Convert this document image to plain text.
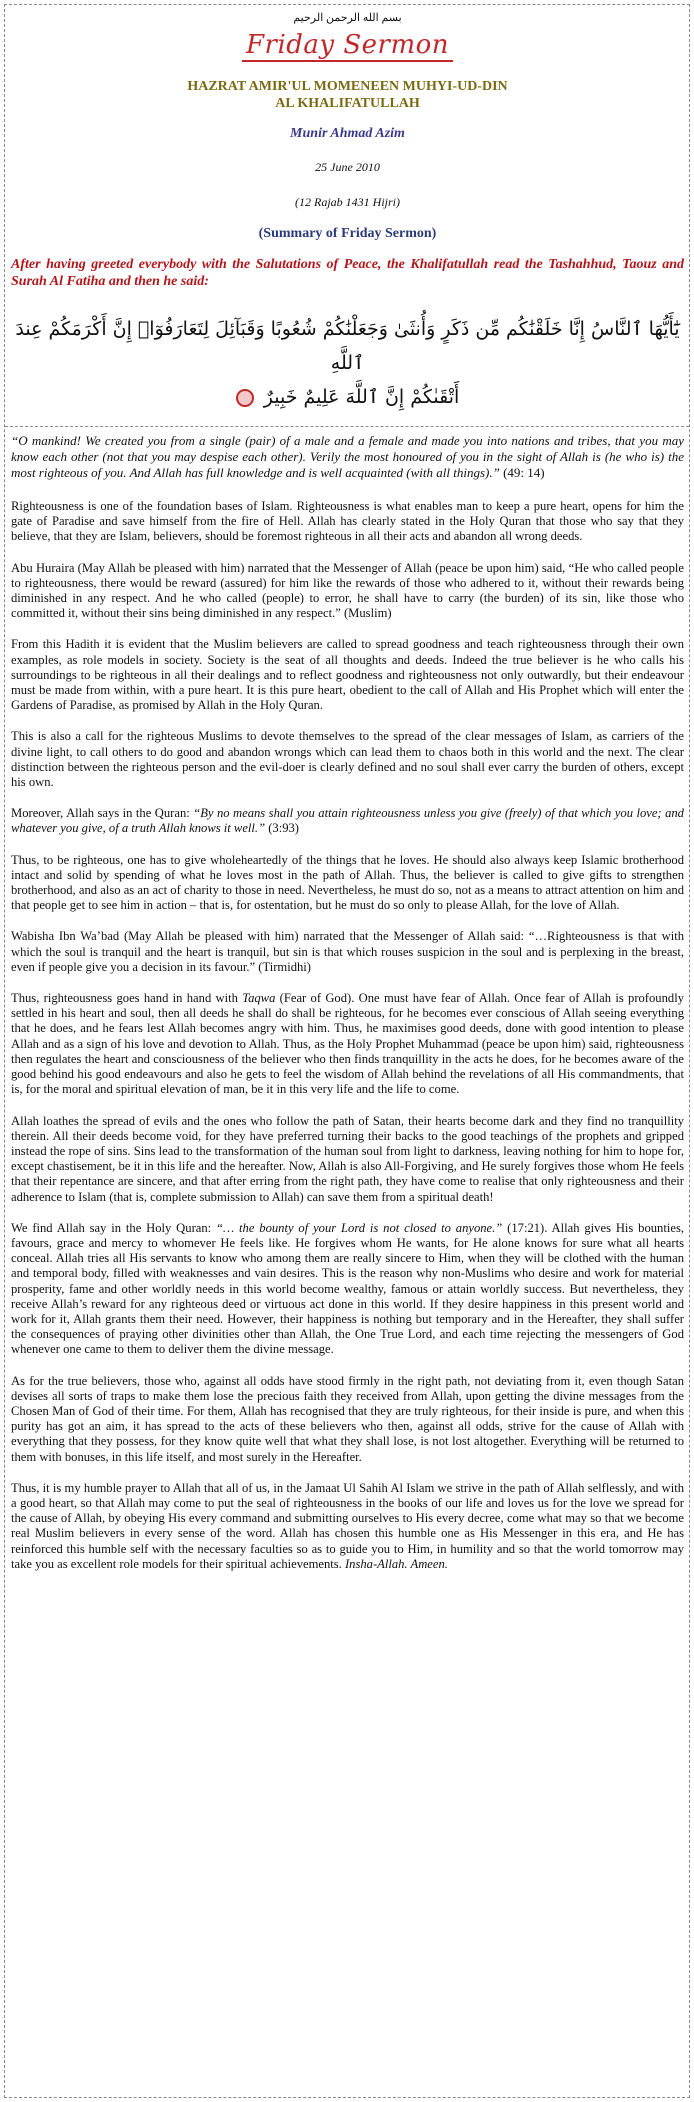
بسم الله الرحمن الرحيم
Friday Sermon
HAZRAT AMIR'UL MOMENEEN MUHYI-UD-DIN
AL KHALIFATULLAH
Munir Ahmad Azim
25 June 2010
(12 Rajab 1431 Hijri)
(Summary of Friday Sermon)
After having greeted everybody with the Salutations of Peace, the Khalifatullah read the Tashahhud, Taouz and Surah Al Fatiha and then he said:
يَٰٓأَيُّهَا ٱلنَّاسُ إِنَّا خَلَقْنَٰكُم مِّن ذَكَرٍ وَأُنثَىٰ وَجَعَلْنَٰكُمْ شُعُوبًا وَقَبَآئِلَ لِتَعَارَفُوٓا۟ إِنَّ أَكْرَمَكُمْ عِندَ ٱللَّهِ
أَتْقَىٰكُمْ إِنَّ ٱللَّهَ عَلِيمٌ خَبِيرٌ
“O mankind! We created you from a single (pair) of a male and a female and made you into nations and tribes, that you may know each other (not that you may despise each other). Verily the most honoured of you in the sight of Allah is (he who is) the most righteous of you. And Allah has full knowledge and is well acquainted (with all things).” (49: 14)

Righteousness is one of the foundation bases of Islam. Righteousness is what enables man to keep a pure heart, opens for him the gate of Paradise and save himself from the fire of Hell. Allah has clearly stated in the Holy Quran that those who say that they believe, that they are Islam, believers, should be foremost righteous in all their acts and abandon all wrong deeds.

Abu Huraira (May Allah be pleased with him) narrated that the Messenger of Allah (peace be upon him) said, “He who called people to righteousness, there would be reward (assured) for him like the rewards of those who adhered to it, without their rewards being diminished in any respect. And he who called (people) to error, he shall have to carry (the burden) of its sin, like those who committed it, without their sins being diminished in any respect.” (Muslim)

From this Hadith it is evident that the Muslim believers are called to spread goodness and teach righteousness through their own examples, as role models in society. Society is the seat of all thoughts and deeds. Indeed the true believer is he who calls his surroundings to be righteous in all their dealings and to reflect goodness and righteousness not only outwardly, but their endeavour must be made from within, with a pure heart. It is this pure heart, obedient to the call of Allah and His Prophet which will enter the Gardens of Paradise, as promised by Allah in the Holy Quran.

This is also a call for the righteous Muslims to devote themselves to the spread of the clear messages of Islam, as carriers of the divine light, to call others to do good and abandon wrongs which can lead them to chaos both in this world and the next. The clear distinction between the righteous person and the evil-doer is clearly defined and no soul shall ever carry the burden of others, except his own.

Moreover, Allah says in the Quran: “By no means shall you attain righteousness unless you give (freely) of that which you love; and whatever you give, of a truth Allah knows it well.” (3:93)

Thus, to be righteous, one has to give wholeheartedly of the things that he loves. He should also always keep Islamic brotherhood intact and solid by spending of what he loves most in the path of Allah. Thus, the believer is called to give gifts to strengthen brotherhood, and also as an act of charity to those in need. Nevertheless, he must do so, not as a means to attract attention on him and that people get to see him in action – that is, for ostentation, but he must do so only to please Allah, for the love of Allah.

Wabisha Ibn Wa’bad (May Allah be pleased with him) narrated that the Messenger of Allah said: “…Righteousness is that with which the soul is tranquil and the heart is tranquil, but sin is that which rouses suspicion in the soul and is perplexing in the breast, even if people give you a decision in its favour.” (Tirmidhi)

Thus, righteousness goes hand in hand with Taqwa (Fear of God). One must have fear of Allah. Once fear of Allah is profoundly settled in his heart and soul, then all deeds he shall do shall be righteous, for he becomes ever conscious of Allah seeing everything that he does, and he fears lest Allah becomes angry with him. Thus, he maximises good deeds, done with good intention to please Allah and as a sign of his love and devotion to Allah. Thus, as the Holy Prophet Muhammad (peace be upon him) said, righteousness then regulates the heart and consciousness of the believer who then finds tranquillity in the acts he does, for he becomes aware of the good behind his good endeavours and also he gets to feel the wisdom of Allah behind the revelations of all His commandments, that is, for the moral and spiritual elevation of man, be it in this very life and the life to come.

Allah loathes the spread of evils and the ones who follow the path of Satan, their hearts become dark and they find no tranquillity therein. All their deeds become void, for they have preferred turning their backs to the good teachings of the prophets and gripped instead the rope of sins. Sins lead to the transformation of the human soul from light to darkness, leaving nothing for him to hope for, except chastisement, be it in this life and the hereafter. Now, Allah is also All-Forgiving, and He surely forgives those whom He feels that their repentance are sincere, and that after erring from the right path, they have come to realise that only righteousness and their adherence to Islam (that is, complete submission to Allah) can save them from a spiritual death!

We find Allah say in the Holy Quran: “… the bounty of your Lord is not closed to anyone.” (17:21). Allah gives His bounties, favours, grace and mercy to whomever He feels like. He forgives whom He wants, for He alone knows for sure what all hearts conceal. Allah tries all His servants to know who among them are really sincere to Him, when they will be clothed with the human and temporal body, filled with weaknesses and vain desires. This is the reason why non-Muslims who desire and work for material prosperity, fame and other worldly needs in this world become wealthy, famous or attain worldly success. But nevertheless, they receive Allah’s reward for any righteous deed or virtuous act done in this world. If they desire happiness in this present world and work for it, Allah grants them their need. However, their happiness is nothing but temporary and in the Hereafter, they shall suffer the consequences of praying other divinities other than Allah, the One True Lord, and each time rejecting the messengers of God whenever one came to them to deliver them the divine message.

As for the true believers, those who, against all odds have stood firmly in the right path, not deviating from it, even though Satan devises all sorts of traps to make them lose the precious faith they received from Allah, upon getting the divine messages from the Chosen Man of God of their time. For them, Allah has recognised that they are truly righteous, for their inside is pure, and when this purity has got an aim, it has spread to the acts of these believers who then, against all odds, strive for the cause of Allah with everything that they possess, for they know quite well that what they shall lose, is not lost altogether. Everything will be returned to them with bonuses, in this life itself, and most surely in the Hereafter.

Thus, it is my humble prayer to Allah that all of us, in the Jamaat Ul Sahih Al Islam we strive in the path of Allah selflessly, and with a good heart, so that Allah may come to put the seal of righteousness in the books of our life and loves us for the love we spread for the cause of Allah, by obeying His every command and submitting ourselves to His every decree, come what may so that we become real Muslim believers in every sense of the word. Allah has chosen this humble one as His Messenger in this era, and He has reinforced this humble self with the necessary faculties so as to guide you to Him, in humility and so that the world tomorrow may take you as excellent role models for their spiritual achievements. Insha-Allah. Ameen.
